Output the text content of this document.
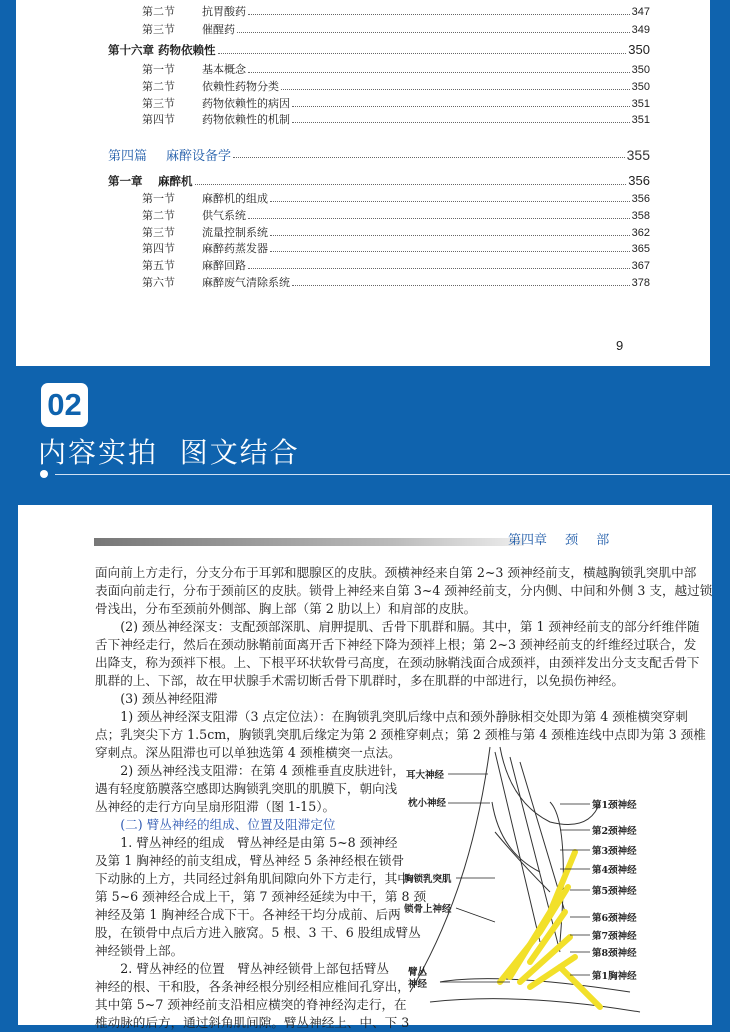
第二节	抗胃酸药	347
第三节	催醒药	349
第十六章 药物依赖性	350
第一节	基本概念	350
第二节	依赖性药物分类	350
第三节	药物依赖性的病因	351
第四节	药物依赖性的机制	351
第四篇	麻醉设备学	355
第一章	麻醉机	356
第一节	麻醉机的组成	356
第二节	供气系统	358
第三节	流量控制系统	362
第四节	麻醉药蒸发器	365
第五节	麻醉回路	367
第六节	麻醉废气清除系统	378
9
02
内容实拍  图文结合
第四章 颈 部
面向前上方走行，分支分布于耳郭和腮腺区的皮肤。颈横神经来自第 2~3 颈神经前支，横越胸锁乳突肌中部
表面向前走行，分布于颈前区的皮肤。锁骨上神经来自第 3~4 颈神经前支，分内侧、中间和外侧 3 支，越过锁
骨浅出，分布至颈前外侧部、胸上部（第 2 肋以上）和肩部的皮肤。
　　(2) 颈丛神经深支：支配颈部深肌、肩胛提肌、舌骨下肌群和膈。其中，第 1 颈神经前支的部分纤维伴随
舌下神经走行，然后在颈动脉鞘前面离开舌下神经下降为颈袢上根；第 2~3 颈神经前支的纤维经过联合，发
出降支，称为颈袢下根。上、下根平环状软骨弓高度，在颈动脉鞘浅面合成颈袢，由颈袢发出分支支配舌骨下
肌群的上、下部，故在甲状腺手术需切断舌骨下肌群时，多在肌群的中部进行，以免损伤神经。
　　(3) 颈丛神经阻滞
　　1) 颈丛神经深支阻滞（3 点定位法）：在胸锁乳突肌后缘中点和颈外静脉相交处即为第 4 颈椎横突穿刺
点；乳突尖下方 1.5cm，胸锁乳突肌后缘定为第 2 颈椎穿刺点；第 2 颈椎与第 4 颈椎连线中点即为第 3 颈椎
穿刺点。深丛阻滞也可以单独选第 4 颈椎横突一点法。
　　2) 颈丛神经浅支阻滞：在第 4 颈椎垂直皮肤进针，
遇有轻度筋膜落空感即达胸锁乳突肌的肌膜下，朝向浅
丛神经的走行方向呈扇形阻滞（图 1-15）。
　　(二) 臂丛神经的组成、位置及阻滞定位
　　1. 臂丛神经的组成　臂丛神经是由第 5~8 颈神经
及第 1 胸神经的前支组成，臂丛神经 5 条神经根在锁骨
下动脉的上方，共同经过斜角肌间隙向外下方走行，其中
第 5~6 颈神经合成上干，第 7 颈神经延续为中干，第 8 颈
神经及第 1 胸神经合成下干。各神经干均分成前、后两
股，在锁骨中点后方进入腋窝。5 根、3 干、6 股组成臂丛
神经锁骨上部。
　　2. 臂丛神经的位置　臂丛神经锁骨上部包括臂丛
神经的根、干和股，各条神经根分别经相应椎间孔穿出，
其中第 5~7 颈神经前支沿相应横突的脊神经沟走行，在
椎动脉的后方，通过斜角肌间隙。臂丛神经上、中、下 3
耳大神经
枕小神经
胸锁乳突肌
锁骨上神经
臂丛
神经
第1颈神经
第2颈神经
第3颈神经
第4颈神经
第5颈神经
第6颈神经
第7颈神经
第8颈神经
第1胸神经
